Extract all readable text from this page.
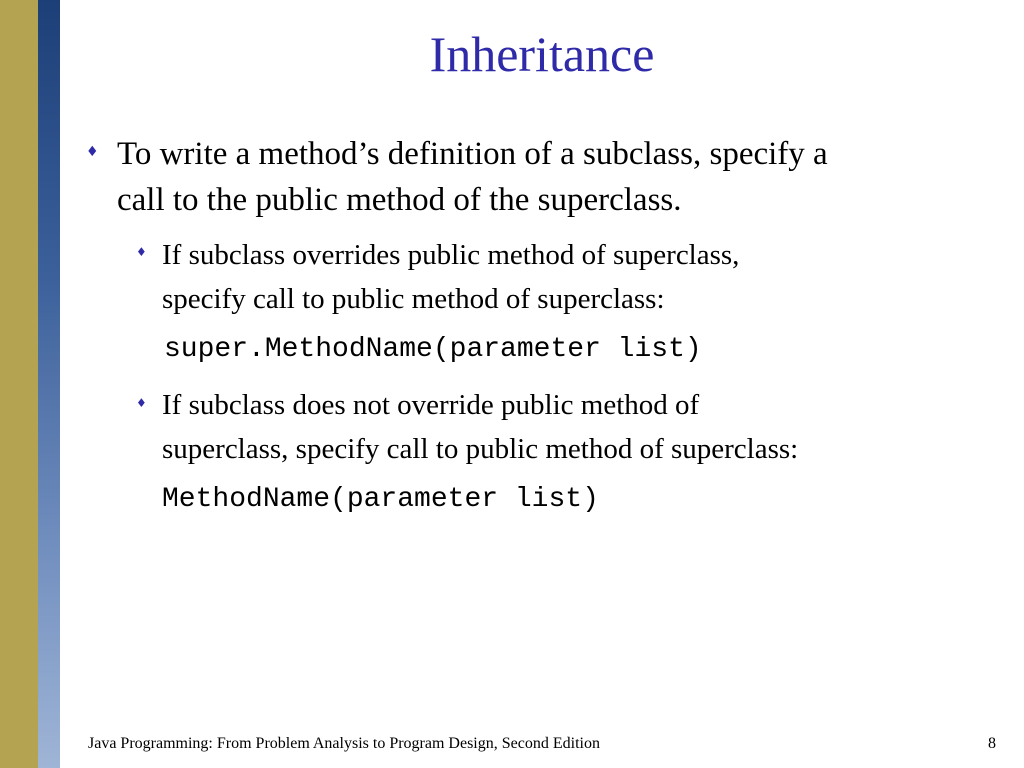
Inheritance
♦ To write a method’s definition of a subclass, specify a
call to the public method of the superclass.
♦ If subclass overrides public method of superclass,
specify call to public method of superclass:
super.MethodName(parameter list)
♦ If subclass does not override public method of
superclass, specify call to public method of superclass:
MethodName(parameter list)
Java Programming: From Problem Analysis to Program Design, Second Edition	8
